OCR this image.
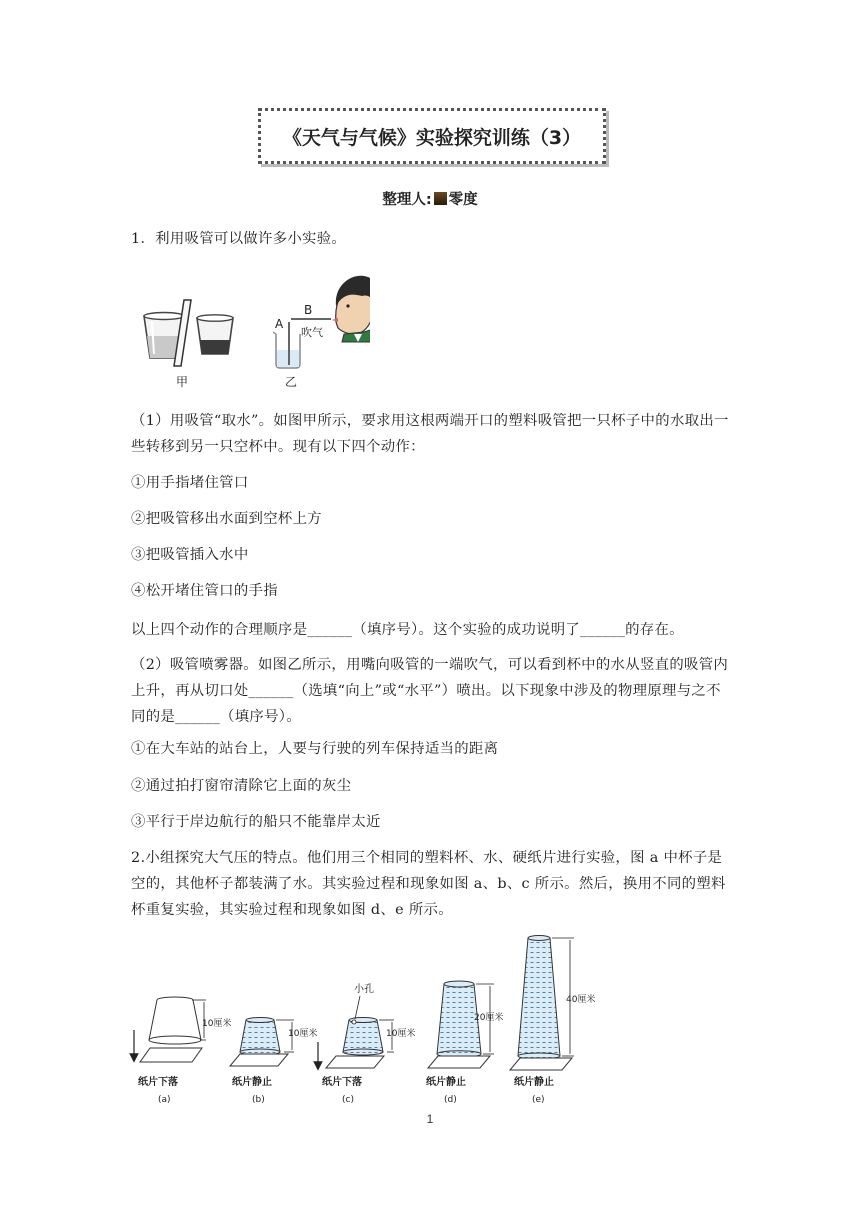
《天气与气候》实验探究训练（3）
整理人: 零度
1．利用吸管可以做许多小实验。
甲
A
B
吹气
乙
（1）用吸管“取水”。如图甲所示，要求用这根两端开口的塑料吸管把一只杯子中的水取出一些转移到另一只空杯中。现有以下四个动作：
①用手指堵住管口
②把吸管移出水面到空杯上方
③把吸管插入水中
④松开堵住管口的手指
以上四个动作的合理顺序是______（填序号）。这个实验的成功说明了______的存在。
（2）吸管喷雾器。如图乙所示，用嘴向吸管的一端吹气，可以看到杯中的水从竖直的吸管内上升，再从切口处______（选填“向上”或“水平”）喷出。以下现象中涉及的物理原理与之不同的是______（填序号）。
①在大车站的站台上，人要与行驶的列车保持适当的距离
②通过拍打窗帘清除它上面的灰尘
③平行于岸边航行的船只不能靠岸太近
2.小组探究大气压的特点。他们用三个相同的塑料杯、水、硬纸片进行实验，图 a 中杯子是空的，其他杯子都装满了水。其实验过程和现象如图 a、b、c 所示。然后，换用不同的塑料杯重复实验，其实验过程和现象如图 d、e 所示。
10厘米
纸片下落
(a)
10厘米
纸片静止
(b)
小孔
10厘米
纸片下落
(c)
20厘米
纸片静止
(d)
40厘米
纸片静止
(e)
1
